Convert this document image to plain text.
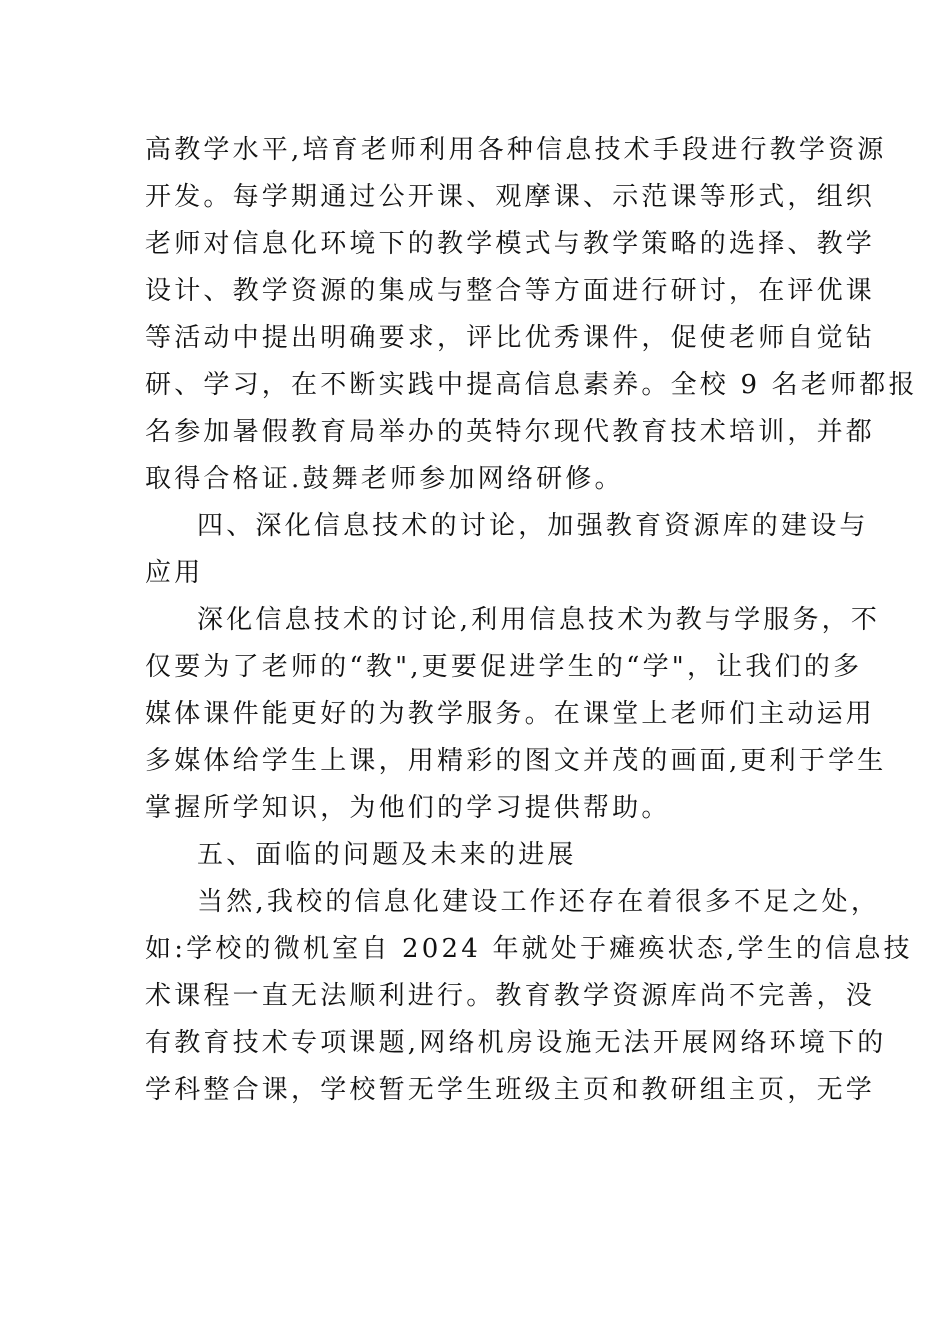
高教学水平,培育老师利用各种信息技术手段进行教学资源
开发。每学期通过公开课、观摩课、示范课等形式，组织
老师对信息化环境下的教学模式与教学策略的选择、教学
设计、教学资源的集成与整合等方面进行研讨，在评优课
等活动中提出明确要求，评比优秀课件，促使老师自觉钻
研、学习，在不断实践中提高信息素养。全校 9 名老师都报
名参加暑假教育局举办的英特尔现代教育技术培训，并都
取得合格证.鼓舞老师参加网络研修。
四、深化信息技术的讨论，加强教育资源库的建设与
应用
深化信息技术的讨论,利用信息技术为教与学服务，不
仅要为了老师的“教",更要促进学生的“学"，让我们的多
媒体课件能更好的为教学服务。在课堂上老师们主动运用
多媒体给学生上课，用精彩的图文并茂的画面,更利于学生
掌握所学知识，为他们的学习提供帮助。
五、面临的问题及未来的进展
当然,我校的信息化建设工作还存在着很多不足之处，
如:学校的微机室自 2024 年就处于瘫痪状态,学生的信息技
术课程一直无法顺利进行。教育教学资源库尚不完善，没
有教育技术专项课题,网络机房设施无法开展网络环境下的
学科整合课，学校暂无学生班级主页和教研组主页，无学
